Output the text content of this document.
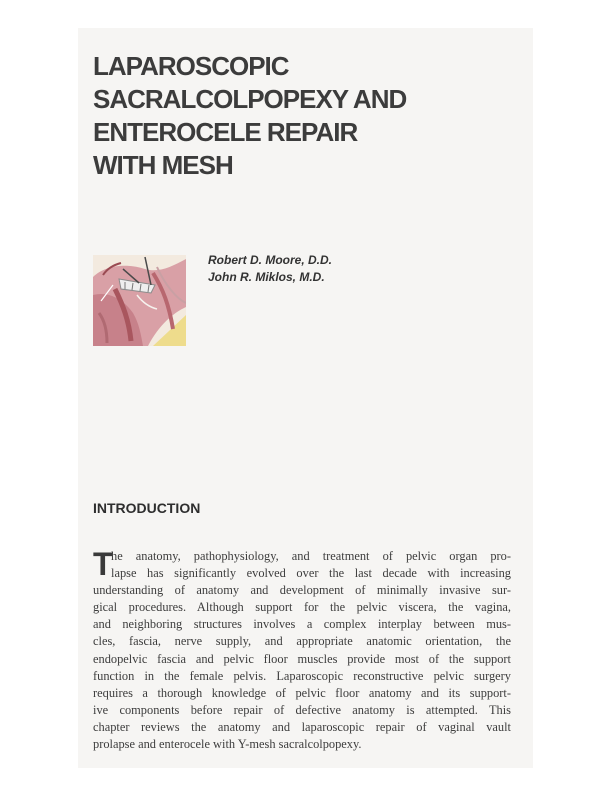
LAPAROSCOPIC
SACRALCOLPOPEXY AND
ENTEROCELE REPAIR
WITH MESH
Robert D. Moore, D.D.
John R. Miklos, M.D.
INTRODUCTION
T

he anatomy, pathophysiology, and treatment of pelvic organ pro-
lapse has significantly evolved over the last decade with increasing
understanding of anatomy and development of minimally invasive sur-
gical procedures. Although support for the pelvic viscera, the vagina,
and neighboring structures involves a complex interplay between mus-
cles, fascia, nerve supply, and appropriate anatomic orientation, the
endopelvic fascia and pelvic floor muscles provide most of the support
function in the female pelvis. Laparoscopic reconstructive pelvic surgery
requires a thorough knowledge of pelvic floor anatomy and its support-
ive components before repair of defective anatomy is attempted. This
chapter reviews the anatomy and laparoscopic repair of vaginal vault
prolapse and enterocele with Y-mesh sacralcolpopexy.
